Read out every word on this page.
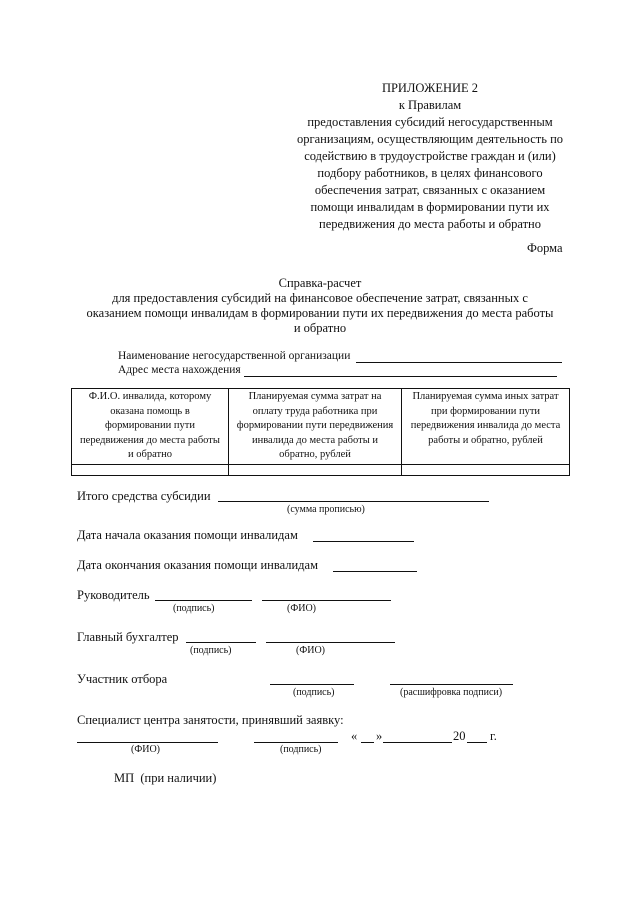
ПРИЛОЖЕНИЕ 2
к Правилам
предоставления субсидий негосударственным
организациям, осуществляющим деятельность по
содействию в трудоустройстве граждан и (или)
подбору работников, в целях финансового
обеспечения затрат, связанных с оказанием
помощи инвалидам в формировании пути их
передвижения до места работы и обратно
Форма
Справка-расчет
для предоставления субсидий на финансовое обеспечение затрат, связанных с
оказанием помощи инвалидам в формировании пути их передвижения до места работы
и обратно
Наименование негосударственной организации
Адрес места нахождения
Ф.И.О. инвалида, которому оказана помощь в формировании пути передвижения до места работы и обратно	Планируемая сумма затрат на оплату труда работника при формировании пути передвижения инвалида до места работы и обратно, рублей	Планируемая сумма иных затрат при формировании пути передвижения инвалида до места работы и обратно, рублей

Итого средства субсидии
(сумма прописью)
Дата начала оказания помощи инвалидам
Дата окончания оказания помощи инвалидам
Руководитель
(подпись)	(ФИО)
Главный бухгалтер
(подпись)	(ФИО)
Участник отбора
(подпись)	(расшифровка подписи)
Специалист центра занятости, принявший заявку:
« »	20 г.
(ФИО)	(подпись)
МП  (при наличии)
